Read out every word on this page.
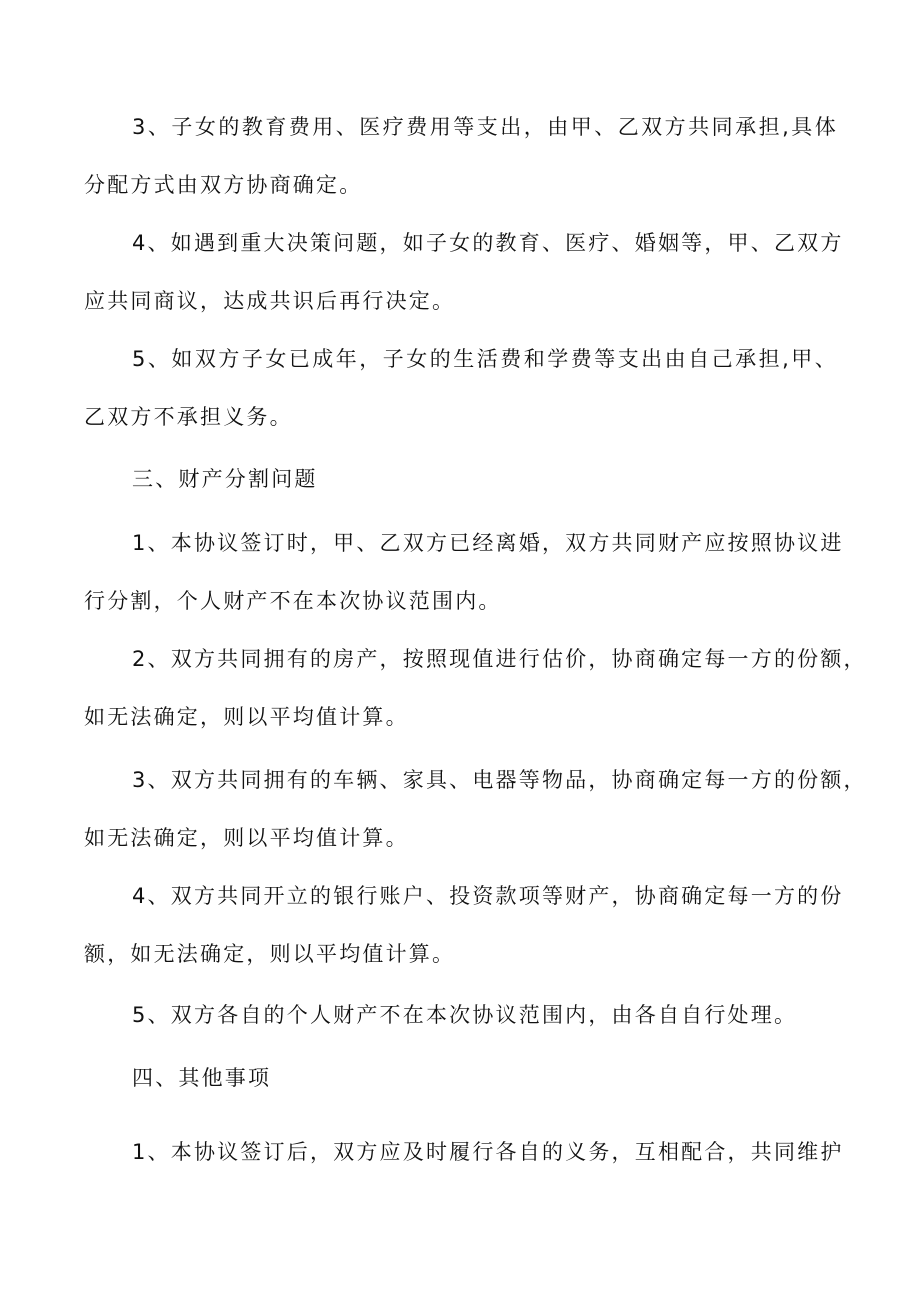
3、子女的教育费用、医疗费用等支出，由甲、乙双方共同承担,具体
分配方式由双方协商确定。
4、如遇到重大决策问题，如子女的教育、医疗、婚姻等，甲、乙双方
应共同商议，达成共识后再行决定。
5、如双方子女已成年，子女的生活费和学费等支出由自己承担,甲、
乙双方不承担义务。
三、财产分割问题
1、本协议签订时，甲、乙双方已经离婚，双方共同财产应按照协议进
行分割，个人财产不在本次协议范围内。
2、双方共同拥有的房产，按照现值进行估价，协商确定每一方的份额，
如无法确定，则以平均值计算。
3、双方共同拥有的车辆、家具、电器等物品，协商确定每一方的份额，
如无法确定，则以平均值计算。
4、双方共同开立的银行账户、投资款项等财产，协商确定每一方的份
额，如无法确定，则以平均值计算。
5、双方各自的个人财产不在本次协议范围内，由各自自行处理。
四、其他事项
1、本协议签订后，双方应及时履行各自的义务，互相配合，共同维护
